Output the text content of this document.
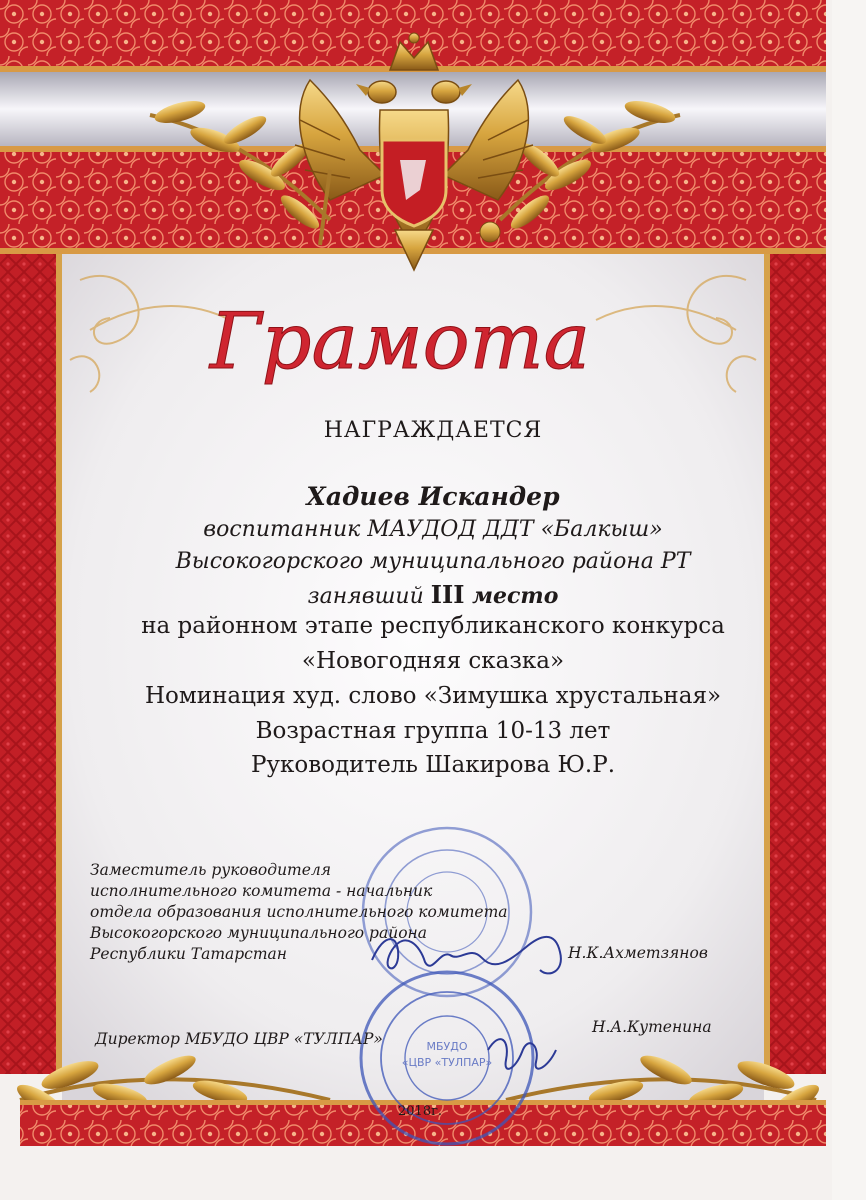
Грамота
МБУДО
«ЦВР «ТУЛПАР»
НАГРАЖДАЕТСЯ
Хадиев Искандер
воспитанник МАУДОД ДДТ «Балкыш»
Высокогорского муниципального района РТ
занявший III место
на районном этапе республиканского конкурса
«Новогодняя сказка»
Номинация худ. слово «Зимушка хрустальная»
Возрастная группа 10-13 лет
Руководитель Шакирова Ю.Р.
Заместитель руководителя
исполнительного комитета - начальник
отдела образования исполнительного комитета
Высокогорского муниципального района
Республики Татарстан	Н.К.Ахметзянов
Директор МБУДО ЦВР «ТУЛПАР»
Н.А.Кутенина
2018г.
